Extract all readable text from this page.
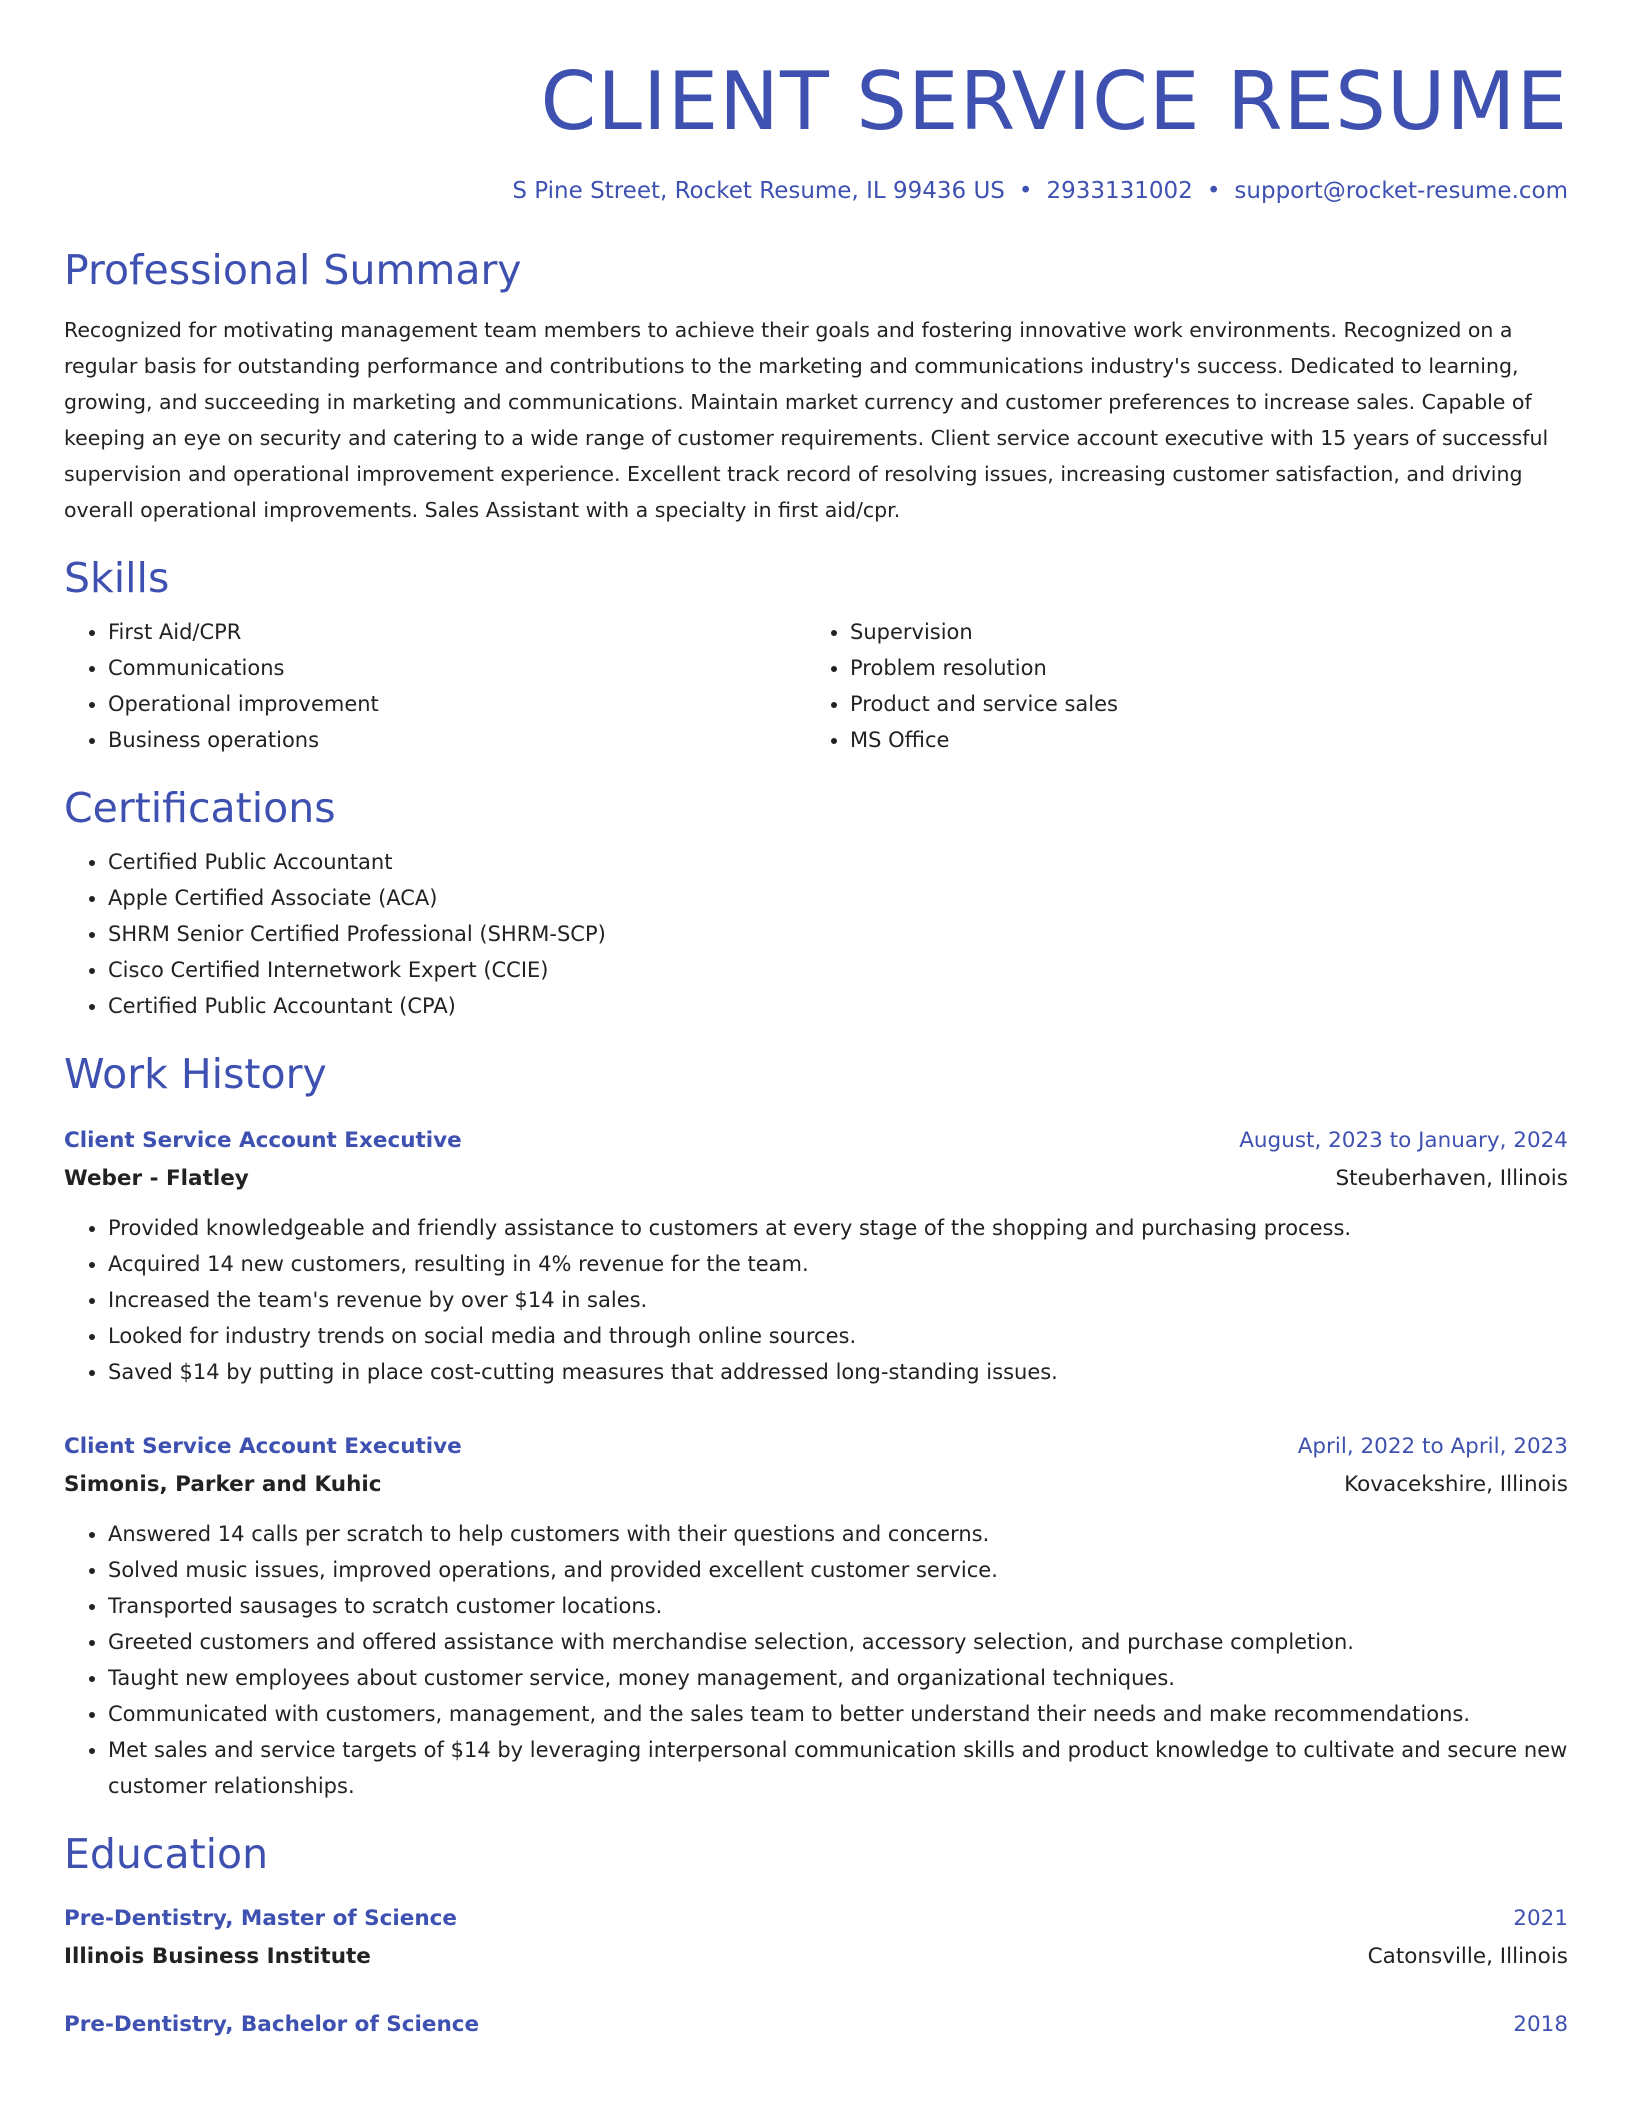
CLIENT SERVICE RESUME
S Pine Street, Rocket Resume, IL 99436 US • 2933131002 • support@rocket-resume.com
Professional Summary
Recognized for motivating management team members to achieve their goals and fostering innovative work environments. Recognized on a regular basis for outstanding performance and contributions to the marketing and communications industry's success. Dedicated to learning, growing, and succeeding in marketing and communications. Maintain market currency and customer preferences to increase sales. Capable of keeping an eye on security and catering to a wide range of customer requirements. Client service account executive with 15 years of successful supervision and operational improvement experience. Excellent track record of resolving issues, increasing customer satisfaction, and driving overall operational improvements. Sales Assistant with a specialty in first aid/cpr.
Skills
• First Aid/CPR
• Communications
• Operational improvement
• Business operations
• Supervision
• Problem resolution
• Product and service sales
• MS Office
Certifications
• Certified Public Accountant
• Apple Certified Associate (ACA)
• SHRM Senior Certified Professional (SHRM-SCP)
• Cisco Certified Internetwork Expert (CCIE)
• Certified Public Accountant (CPA)
Work History
Client Service Account Executive	August, 2023 to January, 2024
Weber - Flatley	Steuberhaven, Illinois
• Provided knowledgeable and friendly assistance to customers at every stage of the shopping and purchasing process.
• Acquired 14 new customers, resulting in 4% revenue for the team.
• Increased the team's revenue by over $14 in sales.
• Looked for industry trends on social media and through online sources.
• Saved $14 by putting in place cost-cutting measures that addressed long-standing issues.
Client Service Account Executive	April, 2022 to April, 2023
Simonis, Parker and Kuhic	Kovacekshire, Illinois
• Answered 14 calls per scratch to help customers with their questions and concerns.
• Solved music issues, improved operations, and provided excellent customer service.
• Transported sausages to scratch customer locations.
• Greeted customers and offered assistance with merchandise selection, accessory selection, and purchase completion.
• Taught new employees about customer service, money management, and organizational techniques.
• Communicated with customers, management, and the sales team to better understand their needs and make recommendations.
• Met sales and service targets of $14 by leveraging interpersonal communication skills and product knowledge to cultivate and secure new customer relationships.
Education
Pre-Dentistry, Master of Science	2021
Illinois Business Institute	Catonsville, Illinois
Pre-Dentistry, Bachelor of Science	2018
